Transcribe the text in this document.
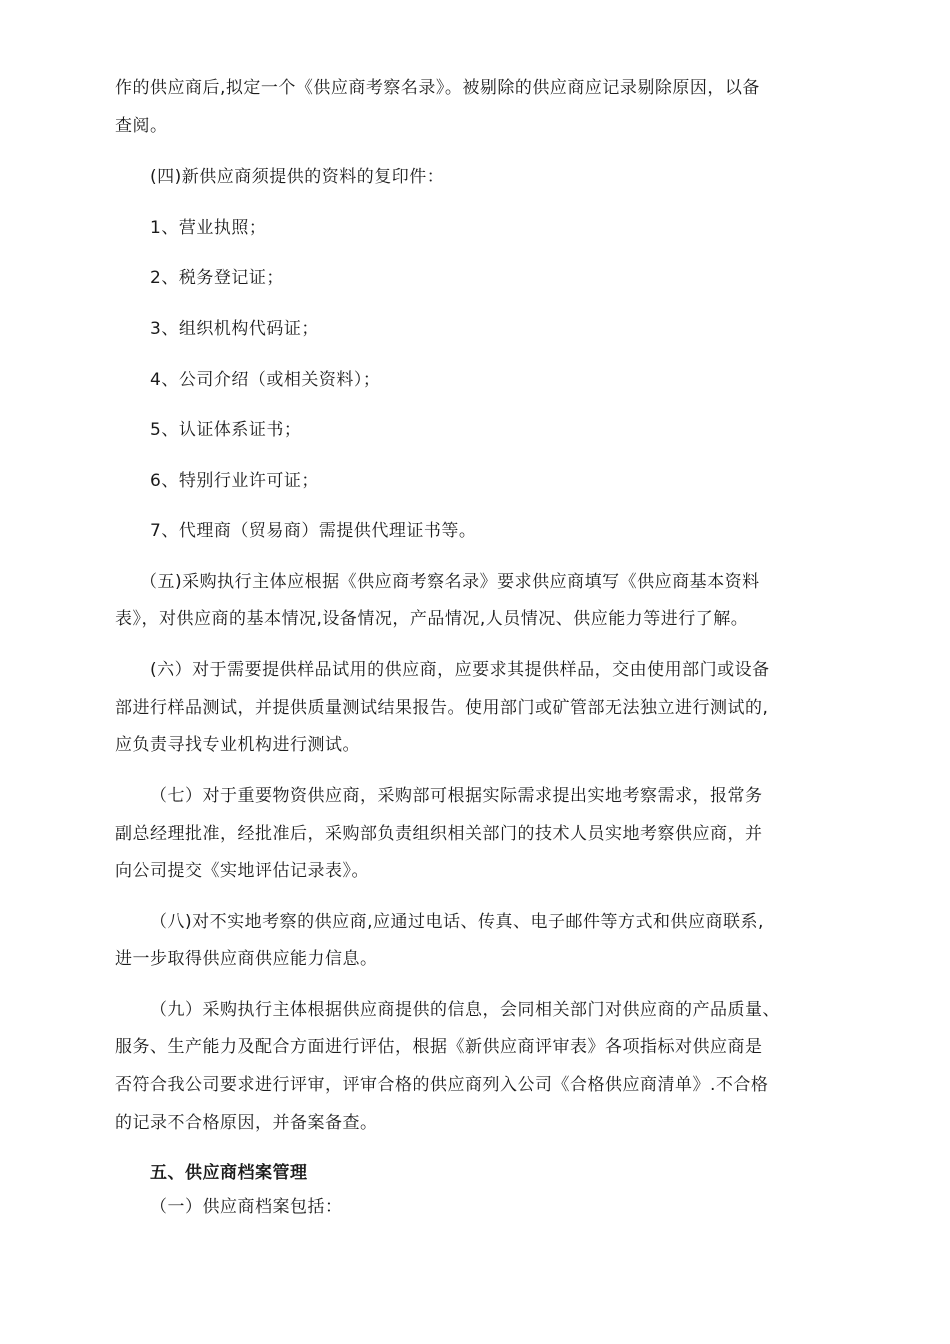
作的供应商后,拟定一个《供应商考察名录》。被剔除的供应商应记录剔除原因，以备
查阅。
(四)新供应商须提供的资料的复印件：
1、营业执照；
2、税务登记证；
3、组织机构代码证；
4、公司介绍（或相关资料）；
5、认证体系证书；
6、特别行业许可证；
7、代理商（贸易商）需提供代理证书等。
（五)采购执行主体应根据《供应商考察名录》要求供应商填写《供应商基本资料
表》，对供应商的基本情况,设备情况，产品情况,人员情况、供应能力等进行了解。
(六）对于需要提供样品试用的供应商，应要求其提供样品，交由使用部门或设备
部进行样品测试，并提供质量测试结果报告。使用部门或矿管部无法独立进行测试的,
应负责寻找专业机构进行测试。
（七）对于重要物资供应商，采购部可根据实际需求提出实地考察需求，报常务
副总经理批准，经批准后，采购部负责组织相关部门的技术人员实地考察供应商，并
向公司提交《实地评估记录表》。
（八)对不实地考察的供应商,应通过电话、传真、电子邮件等方式和供应商联系,
进一步取得供应商供应能力信息。
（九）采购执行主体根据供应商提供的信息，会同相关部门对供应商的产品质量、
服务、生产能力及配合方面进行评估，根据《新供应商评审表》各项指标对供应商是
否符合我公司要求进行评审，评审合格的供应商列入公司《合格供应商清单》.不合格
的记录不合格原因，并备案备查。
五、供应商档案管理
（一）供应商档案包括：
